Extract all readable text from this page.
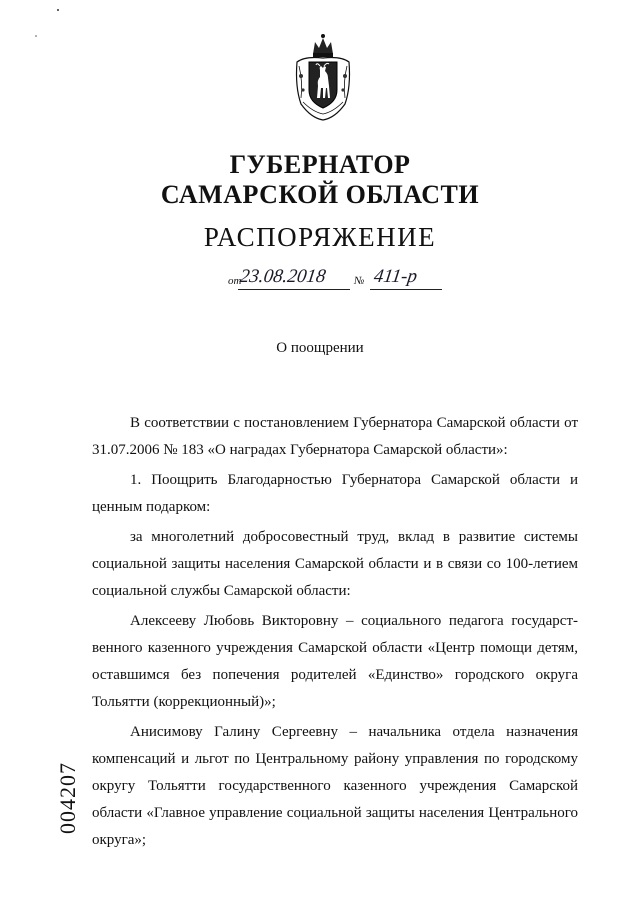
ГУБЕРНАТОР
САМАРСКОЙ ОБЛАСТИ
РАСПОРЯЖЕНИЕ
от
23.08.2018 № 411-р
О поощрении

В соответствии с постановлением Губернатора Самарской области от 31.07.2006 № 183 «О наградах Губернатора Самарской области»:

1. Поощрить Благодарностью Губернатора Самарской области и ценным подарком:

за многолетний добросовестный труд, вклад в развитие системы социальной защиты населения Самарской области и в связи со 100-летием социальной службы Самарской области:

Алексееву Любовь Викторовну – социального педагога государст-венного казенного учреждения Самарской области «Центр помощи детям, оставшимся без попечения родителей «Единство» городского округа Тольятти (коррекционный)»;

Анисимову Галину Сергеевну – начальника отдела назначения компенсаций и льгот по Центральному району управления по городскому округу Тольятти государственного казенного учреждения Самарской области «Главное управление социальной защиты населения Центрального округа»;

004207
